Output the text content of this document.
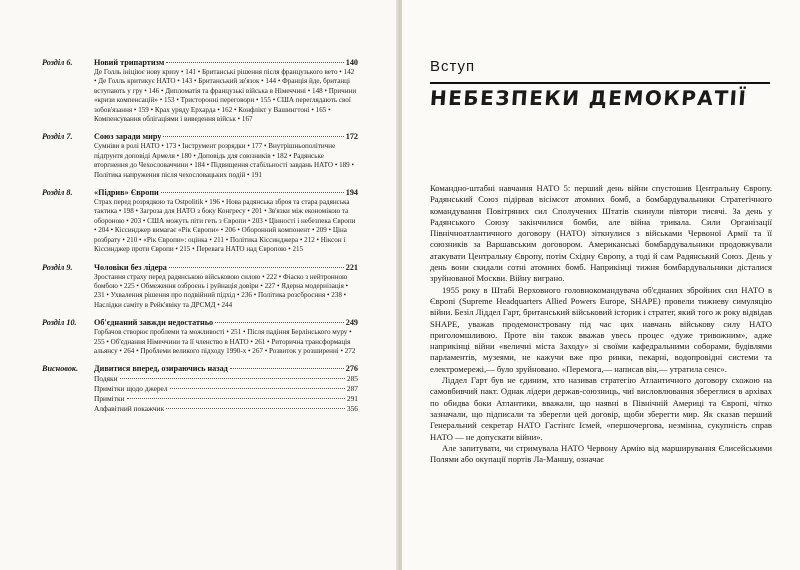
Розділ 6.	Новий трипартизм	140
Де Голль ініціює нову кризу • 141 • Британські рішення після французького вето • 142 • Де Голль критикує НАТО • 143 • Британський зв'язок • 144 • Франція йде, британці вступають у гру • 146 • Дипломатія та французькі війська в Німеччині • 148 • Причини «кризи компенсацій» • 153 • Тристоронні переговори • 155 • США переглядають свої зобов'язання • 159 • Крах уряду Ерхарда • 162 • Конфлікт у Вашингтоні • 165 • Компенсування облігаціями і виведення військ • 167
Розділ 7.	Союз заради миру	172
Сумніви в ролі НАТО • 173 • Інструмент розрядки • 177 • Внутрішньополітичне підґрунтя доповіді Армеля • 180 • Доповідь для союзників • 182 • Радянське вторгнення до Чехословаччини • 184 • Підвищення стабільності завдань НАТО • 189 • Політика напруження після чехословацьких подій • 191
Розділ 8.	«Підрив» Європи	194
Страх перед розрядкою та Ostpolitik • 196 • Нова радянська зброя та стара радянська тактика • 198 • Загроза для НАТО з боку Конгресу • 201 • Зв'язки між економікою та обороною • 203 • США можуть піти геть з Європи • 203 • Цінності і небезпека Європи • 204 • Кіссинджер вимагає «Рік Європи» • 206 • Оборонний компонент • 209 • Ціна розбрату • 210 • «Рік Європи»: оцінка • 211 • Політика Кіссинджера • 212 • Ніксон і Кіссинджер проти Європи • 215 • Перевага НАТО над Європою • 215
Розділ 9.	Чоловіки без лідера	221
Зростання страху перед радянською військовою силою • 222 • Фіаско з нейтронною бомбою • 225 • Обмеження озброєнь і руйнація довіри • 227 • Ядерна модернізація • 231 • Ухвалення рішення про подвійний підхід • 236 • Політика розсбросння • 238 • Наслідки саміту в Рейк'явіку та ДРСМД • 244
Розділ 10.	Об'єднаний завжди недостатньо	249
Горбачов створює проблеми та можливості • 251 • Після падіння Берлінського муру • 255 • Об'єднання Німеччини та її членство в НАТО • 261 • Риторична трансформація альянсу • 264 • Проблеми великого підходу 1990-х • 267 • Розвиток у розширенні • 272
Висновок.	Дивитися вперед, озираючись назад	276
Подяки	285
Примітки щодо джерел	287
Примітки	291
Алфавітний покажчик	356
Вступ
НЕБЕЗПЕКИ ДЕМОКРАТІЇ

Командно-штабні навчання НАТО 5: перший день війни спустошив Центральну Європу. Радянський Союз підірвав вісімсот атомних бомб, а бомбардувальники Стратегічного командування Повітряних сил Сполучених Штатів скинули півтори тисячі. За день у Радянського Союзу закінчилися бомби, але війна тривала. Сили Організації Північноатлантичного договору (НАТО) зіткнулися з військами Червоної Армії та її союзників за Варшавським договором. Американські бомбардувальники продовжували атакувати Центральну Європу, потім Східну Європу, а тоді й сам Радянський Союз. День у день вони скидали сотні атомних бомб. Наприкінці тижня бомбардувальники дісталися зруйнованої Москви. Війну виграно.

1955 року в Штабі Верховного головнокомандувача об'єднаних збройних сил НАТО в Європі (Supreme Headquarters Allied Powers Europe, SHAPE) провели тижневу симуляцію війни. Безіл Ліддел Гарт, британський військовий історик і стратег, який того ж року відвідав SHAPE, уважав продемонстровану під час цих навчань військову силу НАТО приголомшливою. Проте він також вважав увесь процес «дуже тривожним», адже наприкінці війни «величні міста Заходу» зі своїми кафедральними соборами, будівлями парламентів, музеями, не кажучи вже про ринки, пекарні, водопровідні системи та електромережі,— було зруйновано. «Перемога,— написав він,— утратила сенс».

Ліддел Гарт був не єдиним, хто називав стратегію Атлантичного договору схожою на самовбивчий пакт. Однак лідери держав-союзниць, чиї висловлювання збереглися в архівах по обидва боки Атлантики, вважали, що наявні в Північній Америці та Європі, чітко зазначали, що підписали та зберегли цей договір, щоби зберегти мир. Як сказав перший Генеральний секретар НАТО Гастінґс Ісмей, «першочергова, незмінна, сукупність справ НАТО — не допускати війни».

Але запитувати, чи стримувала НАТО Червону Армію від марширування Єлисейськими Полями або окупації портів Ла-Маншу, означає
